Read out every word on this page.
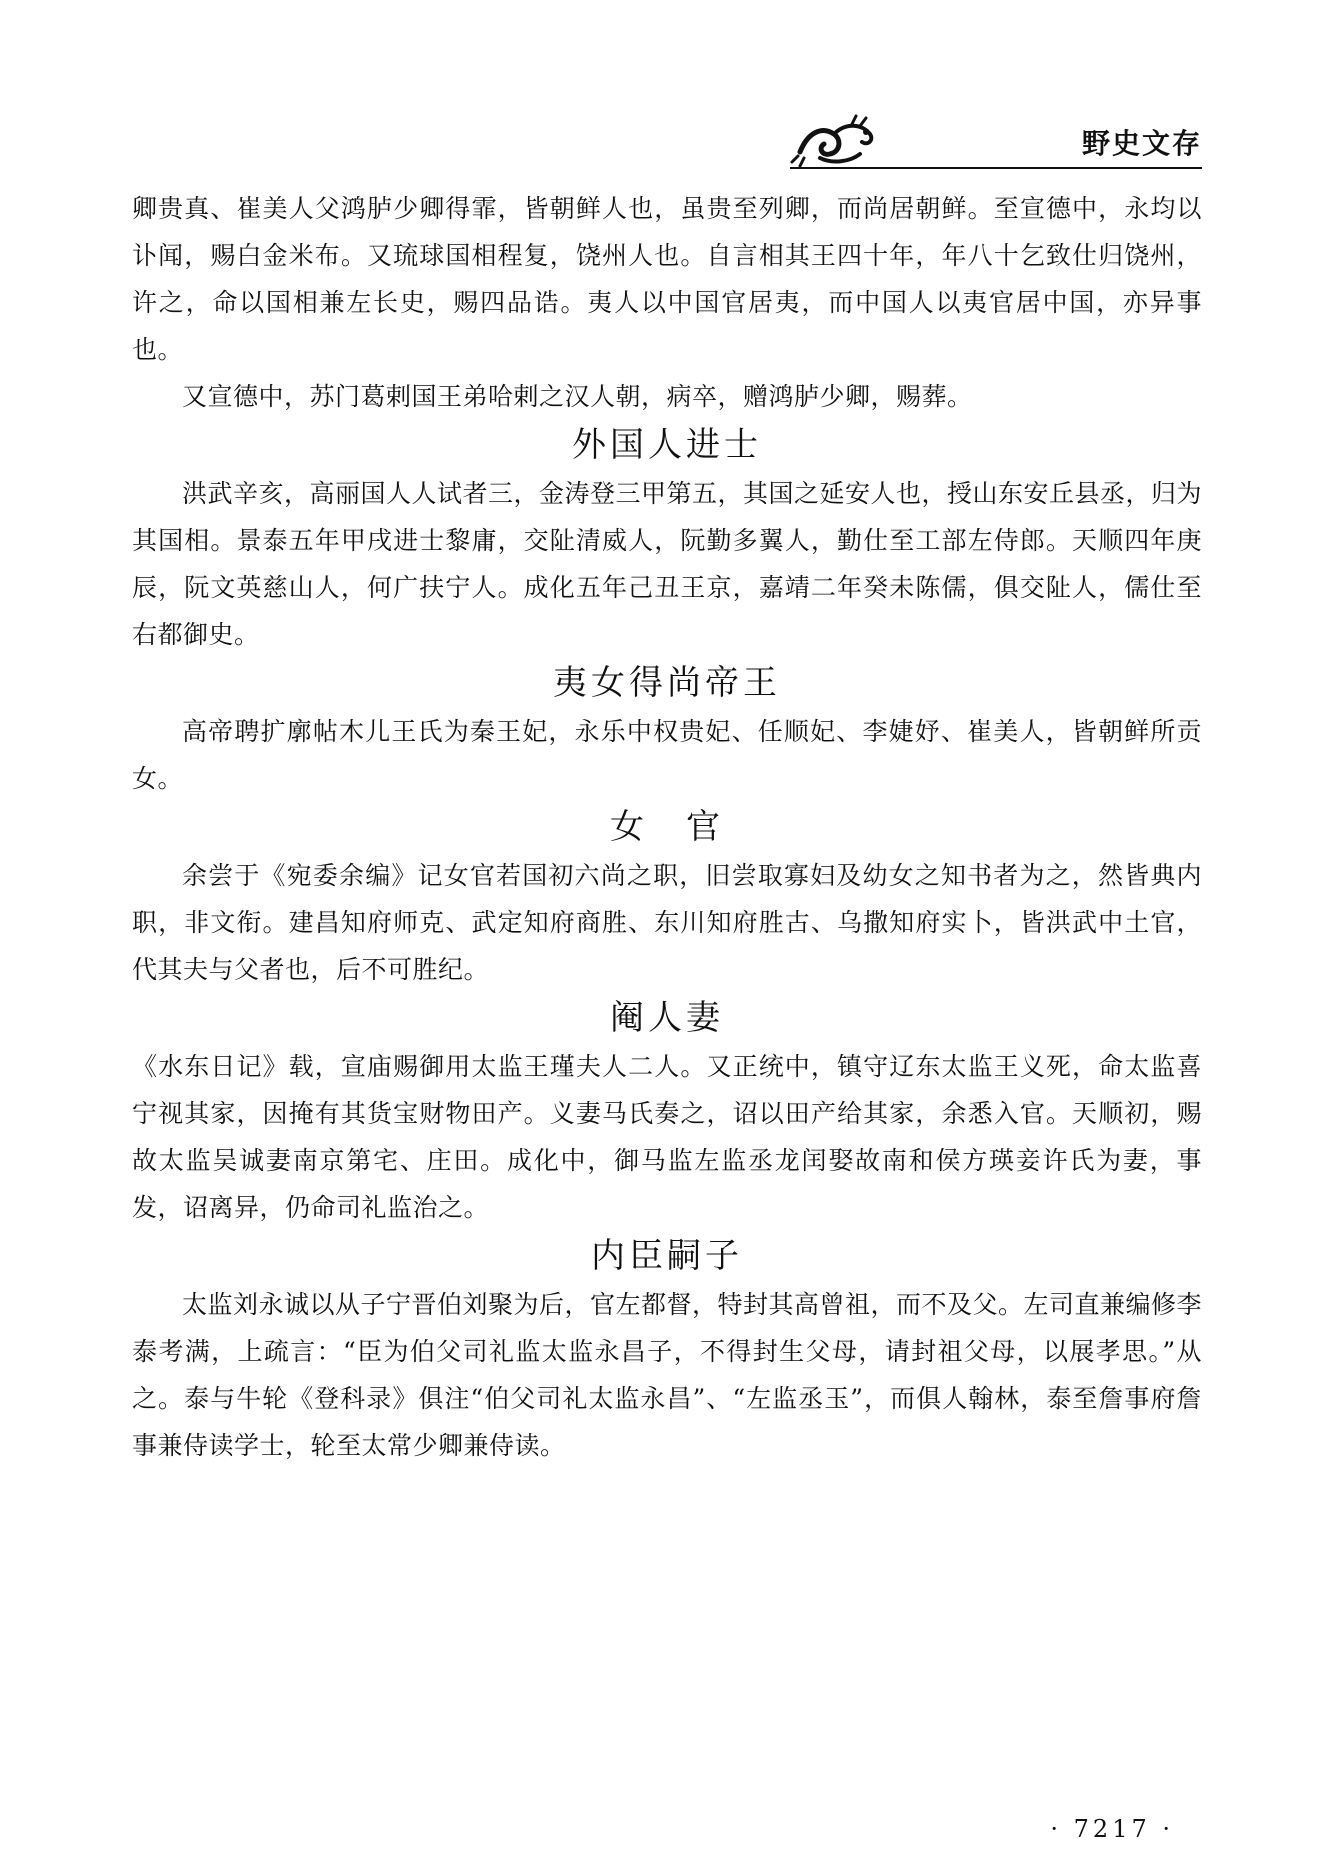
野史文存

卿贵真、崔美人父鸿胪少卿得霏，皆朝鲜人也，虽贵至列卿，而尚居朝鲜。至宣德中，永均以讣闻，赐白金米布。又琉球国相程复，饶州人也。自言相其王四十年，年八十乞致仕归饶州，许之，命以国相兼左长史，赐四品诰。夷人以中国官居夷，而中国人以夷官居中国，亦异事也。

又宣德中，苏门葛剌国王弟哈剌之汉人朝，病卒，赠鸿胪少卿，赐葬。

外国人进士

洪武辛亥，高丽国人人试者三，金涛登三甲第五，其国之延安人也，授山东安丘县丞，归为其国相。景泰五年甲戌进士黎庸，交阯清威人，阮勤多翼人，勤仕至工部左侍郎。天顺四年庚辰，阮文英慈山人，何广扶宁人。成化五年己丑王京，嘉靖二年癸未陈儒，俱交阯人，儒仕至右都御史。

夷女得尚帝王

高帝聘扩廓帖木儿王氏为秦王妃，永乐中权贵妃、任顺妃、李婕妤、崔美人，皆朝鲜所贡女。

女　官

余尝于《宛委余编》记女官若国初六尚之职，旧尝取寡妇及幼女之知书者为之，然皆典内职，非文衔。建昌知府师克、武定知府商胜、东川知府胜古、乌撒知府实卜，皆洪武中土官，代其夫与父者也，后不可胜纪。

阉人妻

《水东日记》载，宣庙赐御用太监王瑾夫人二人。又正统中，镇守辽东太监王义死，命太监喜宁视其家，因掩有其货宝财物田产。义妻马氏奏之，诏以田产给其家，余悉入官。天顺初，赐故太监吴诚妻南京第宅、庄田。成化中，御马监左监丞龙闰娶故南和侯方瑛妾许氏为妻，事发，诏离异，仍命司礼监治之。

内臣嗣子

太监刘永诚以从子宁晋伯刘聚为后，官左都督，特封其高曾祖，而不及父。左司直兼编修李泰考满，上疏言：“臣为伯父司礼监太监永昌子，不得封生父母，请封祖父母，以展孝思。”从之。泰与牛轮《登科录》俱注“伯父司礼太监永昌”、“左监丞玉”，而俱人翰林，泰至詹事府詹事兼侍读学士，轮至太常少卿兼侍读。

· 7217 ·
